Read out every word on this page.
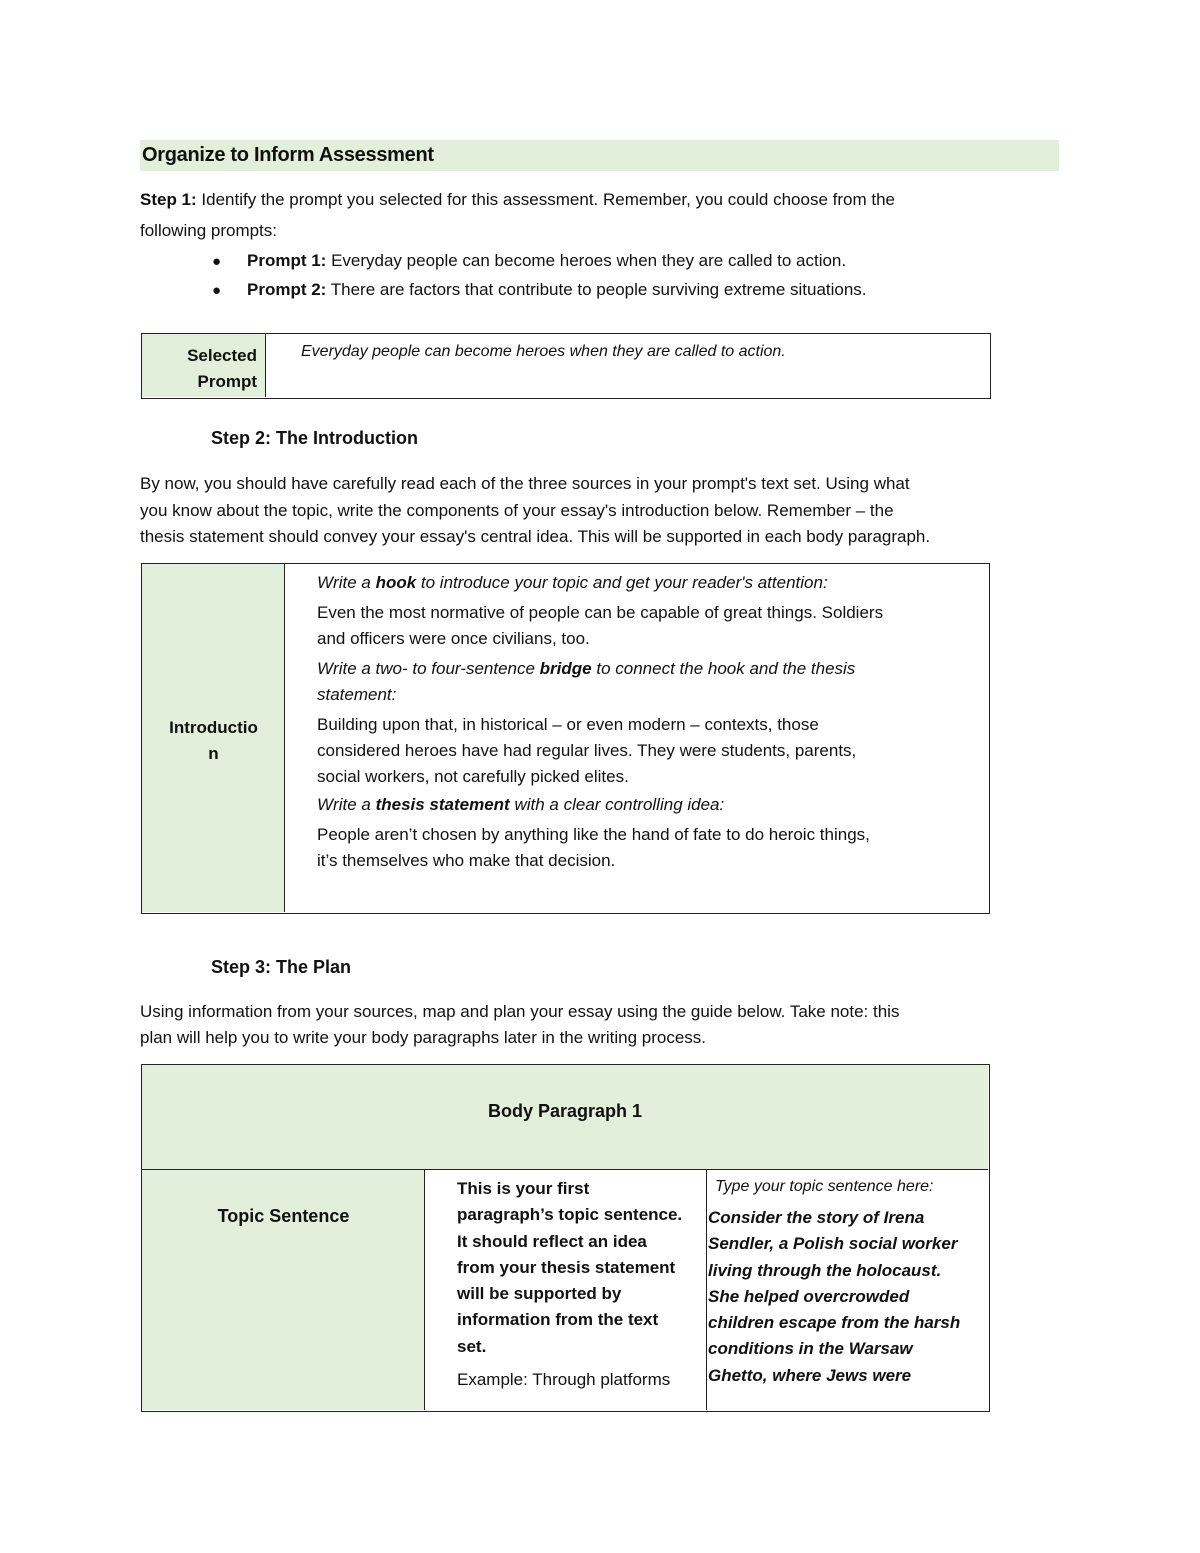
Organize to Inform Assessment
Step 1: Identify the prompt you selected for this assessment. Remember, you could choose from the
following prompts:
● Prompt 1: Everyday people can become heroes when they are called to action.
● Prompt 2: There are factors that contribute to people surviving extreme situations.
Selected
Prompt
Everyday people can become heroes when they are called to action.
Step 2: The Introduction
By now, you should have carefully read each of the three sources in your prompt's text set. Using what
you know about the topic, write the components of your essay's introduction below. Remember – the
thesis statement should convey your essay's central idea. This will be supported in each body paragraph.
Introductio
n
Write a hook to introduce your topic and get your reader's attention:
Even the most normative of people can be capable of great things. Soldiers
and officers were once civilians, too.
Write a two- to four-sentence bridge to connect the hook and the thesis
statement:
Building upon that, in historical – or even modern – contexts, those
considered heroes have had regular lives. They were students, parents,
social workers, not carefully picked elites.
Write a thesis statement with a clear controlling idea:
People aren’t chosen by anything like the hand of fate to do heroic things,
it’s themselves who make that decision.
Step 3: The Plan
Using information from your sources, map and plan your essay using the guide below. Take note: this
plan will help you to write your body paragraphs later in the writing process.
Body Paragraph 1
Topic Sentence
This is your first
paragraph’s topic sentence.
It should reflect an idea
from your thesis statement
will be supported by
information from the text
set.
Example: Through platforms
Type your topic sentence here:
Consider the story of Irena
Sendler, a Polish social worker
living through the holocaust.
She helped overcrowded
children escape from the harsh
conditions in the Warsaw
Ghetto, where Jews were
